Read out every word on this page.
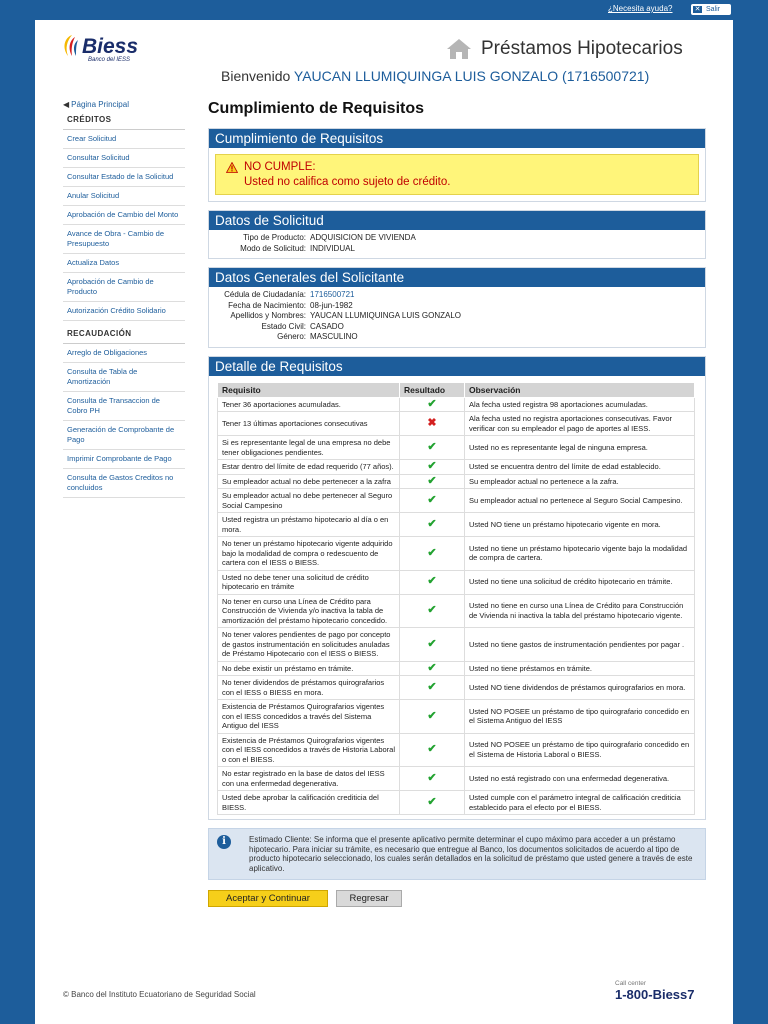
¿Necesita ayuda?	✕ Salir
Biess
Banco del IESS
Préstamos Hipotecarios
Bienvenido YAUCAN LLUMIQUINGA LUIS GONZALO (1716500721)
◀ Página Principal
CRÉDITOS
Crear Solicitud
Consultar Solicitud
Consultar Estado de la Solicitud
Anular Solicitud
Aprobación de Cambio del Monto
Avance de Obra - Cambio de Presupuesto
Actualiza Datos
Aprobación de Cambio de Producto
Autorización Crédito Solidario
RECAUDACIÓN
Arreglo de Obligaciones
Consulta de Tabla de Amortización
Consulta de Transaccion de Cobro PH
Generación de Comprobante de Pago
Imprimir Comprobante de Pago
Consulta de Gastos Creditos no concluidos
Cumplimiento de Requisitos
Cumplimiento de Requisitos
NO CUMPLE:
Usted no califica como sujeto de crédito.
Datos de Solicitud
Tipo de Producto: ADQUISICION DE VIVIENDA
Modo de Solicitud: INDIVIDUAL
Datos Generales del Solicitante
Cédula de Ciudadanía: 1716500721
Fecha de Nacimiento: 08-jun-1982
Apellidos y Nombres: YAUCAN LLUMIQUINGA LUIS GONZALO
Estado Civil: CASADO
Género: MASCULINO
Detalle de Requisitos
Requisito	Resultado	Observación
Tener 36 aportaciones acumuladas.	✔	Ala fecha usted registra 98 aportaciones acumuladas.
Tener 13 últimas aportaciones consecutivas	✖	Ala fecha usted no registra aportaciones consecutivas. Favor verificar con su empleador el pago de aportes al IESS.
Si es representante legal de una empresa no debe tener obligaciones pendientes.	✔	Usted no es representante legal de ninguna empresa.
Estar dentro del límite de edad requerido (77 años).	✔	Usted se encuentra dentro del límite de edad establecido.
Su empleador actual no debe pertenecer a la zafra	✔	Su empleador actual no pertenece a la zafra.
Su empleador actual no debe pertenecer al Seguro Social Campesino	✔	Su empleador actual no pertenece al Seguro Social Campesino.
Usted registra un préstamo hipotecario al día o en mora.	✔	Usted NO tiene un préstamo hipotecario vigente en mora.
No tener un préstamo hipotecario vigente adquirido bajo la modalidad de compra o redescuento de cartera con el IESS o BIESS.	✔	Usted no tiene un préstamo hipotecario vigente bajo la modalidad de compra de cartera.
Usted no debe tener una solicitud de crédito hipotecario en trámite	✔	Usted no tiene una solicitud de crédito hipotecario en trámite.
No tener en curso una Línea de Crédito para Construcción de Vivienda y/o inactiva la tabla de amortización del préstamo hipotecario concedido.	✔	Usted no tiene en curso una Línea de Crédito para Construcción de Vivienda ni inactiva la tabla del préstamo hipotecario vigente.
No tener valores pendientes de pago por concepto de gastos instrumentación en solicitudes anuladas de Préstamo Hipotecario con el IESS o BIESS.	✔	Usted no tiene gastos de instrumentación pendientes por pagar .
No debe existir un préstamo en trámite.	✔	Usted no tiene préstamos en trámite.
No tener dividendos de préstamos quirografarios con el IESS o BIESS en mora.	✔	Usted NO tiene dividendos de préstamos quirografarios en mora.
Existencia de Préstamos Quirografarios vigentes con el IESS concedidos a través del Sistema Antiguo del IESS	✔	Usted NO POSEE un préstamo de tipo quirografario concedido en el Sistema Antiguo del IESS
Existencia de Préstamos Quirografarios vigentes con el IESS concedidos a través de Historia Laboral o con el BIESS.	✔	Usted NO POSEE un préstamo de tipo quirografario concedido en el Sistema de Historia Laboral o BIESS.
No estar registrado en la base de datos del IESS con una enfermedad degenerativa.	✔	Usted no está registrado con una enfermedad degenerativa.
Usted debe aprobar la calificación crediticia del BIESS.	✔	Usted cumple con el parámetro integral de calificación crediticia establecido para el efecto por el BIESS.
i	Estimado Cliente: Se informa que el presente aplicativo permite determinar el cupo máximo para acceder a un préstamo hipotecario. Para iniciar su trámite, es necesario que entregue al Banco, los documentos solicitados de acuerdo al tipo de producto hipotecario seleccionado, los cuales serán detallados en la solicitud de préstamo que usted genere a través de este aplicativo.
Aceptar y Continuar	Regresar
© Banco del Instituto Ecuatoriano de Seguridad Social
Call center
1-800-Biess7
